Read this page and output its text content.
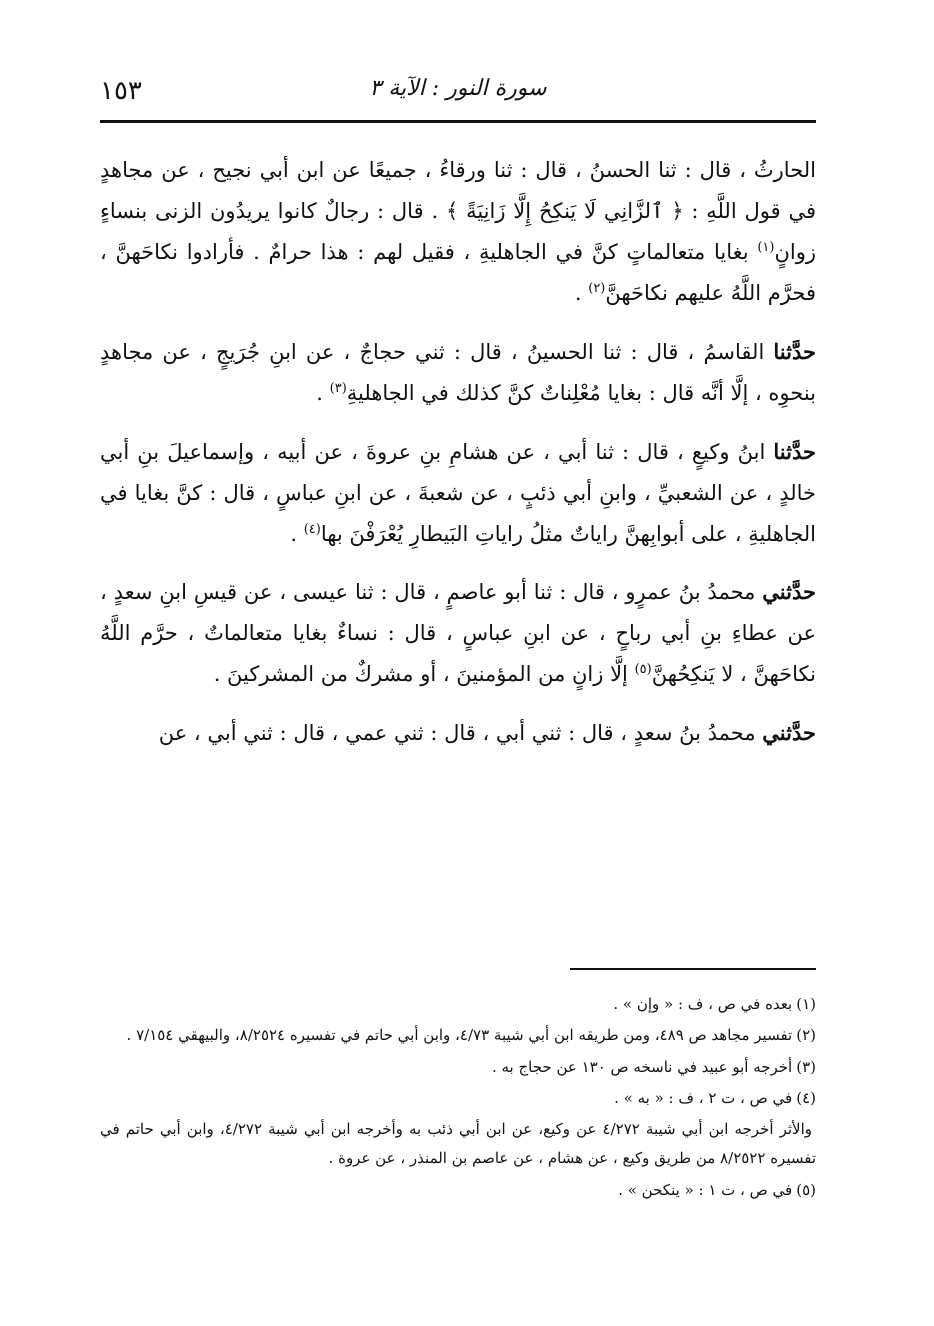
١٥٣	سورة النور : الآية ٣

الحارثُ ، قال : ثنا الحسنُ ، قال : ثنا ورقاءُ ، جميعًا عن ابن أبي نجيح ، عن مجاهدٍ في قول اللَّهِ : ﴿ ٱلزَّانِي لَا يَنكِحُ إِلَّا زَانِيَةً ﴾ . قال : رجالٌ كانوا يريدُون الزنى بنساءٍ زوانٍ$^{(١)}$ بغايا متعالماتٍ كنَّ في الجاهليةِ ، فقيل لهم : هذا حرامٌ . فأرادوا نكاحَهنَّ ، فحرَّم اللَّهُ عليهم نكاحَهنَّ$^{(٢)}$ .

حدَّثنا القاسمُ ، قال : ثنا الحسينُ ، قال : ثني حجاجٌ ، عن ابنِ جُرَيجٍ ، عن مجاهدٍ بنحوِه ، إلَّا أنَّه قال : بغايا مُعْلِناتٌ كنَّ كذلك في الجاهليةِ$^{(٣)}$ .

حدَّثنا ابنُ وكيعٍ ، قال : ثنا أبي ، عن هشامِ بنِ عروةَ ، عن أبيه ، وإسماعيلَ بنِ أبي خالدٍ ، عن الشعبيِّ ، وابنِ أبي ذئبٍ ، عن شعبةَ ، عن ابنِ عباسٍ ، قال : كنَّ بغايا في الجاهليةِ ، على أبوابِهنَّ راياتٌ مثلُ راياتِ البَيطارِ يُعْرَفْنَ بها$^{(٤)}$ .

حدَّثني محمدُ بنُ عمرٍو ، قال : ثنا أبو عاصمٍ ، قال : ثنا عيسى ، عن قيسِ ابنِ سعدٍ ، عن عطاءِ بنِ أبي رباحٍ ، عن ابنِ عباسٍ ، قال : نساءٌ بغايا متعالماتٌ ، حرَّم اللَّهُ نكاحَهنَّ ، لا يَنكِحُهنَّ$^{(٥)}$ إلَّا زانٍ من المؤمنينَ ، أو مشركٌ من المشركينَ .

حدَّثني محمدُ بنُ سعدٍ ، قال : ثني أبي ، قال : ثني عمي ، قال : ثني أبي ، عن

(١)بعده في ص ، ف : « وإن » .
(٢)تفسير مجاهد ص ٤٨٩، ومن طريقه ابن أبي شيبة ٤/٧٣، وابن أبي حاتم في تفسيره ٨/٢٥٢٤، والبيهقي ٧/١٥٤ .
(٣)أخرجه أبو عبيد في ناسخه ص ١٣٠ عن حجاج به .
(٤)في ص ، ت ٢ ، ف : « به » .
والأثر أخرجه ابن أبي شيبة ٤/٢٧٢ عن وكيع، عن ابن أبي ذئب به وأخرجه ابن أبي شيبة ٤/٢٧٢، وابن أبي حاتم في تفسيره ٨/٢٥٢٢ من طريق وكيع ، عن هشام ، عن عاصم بن المنذر ، عن عروة .
(٥)في ص ، ت ١ : « ينكحن » .
